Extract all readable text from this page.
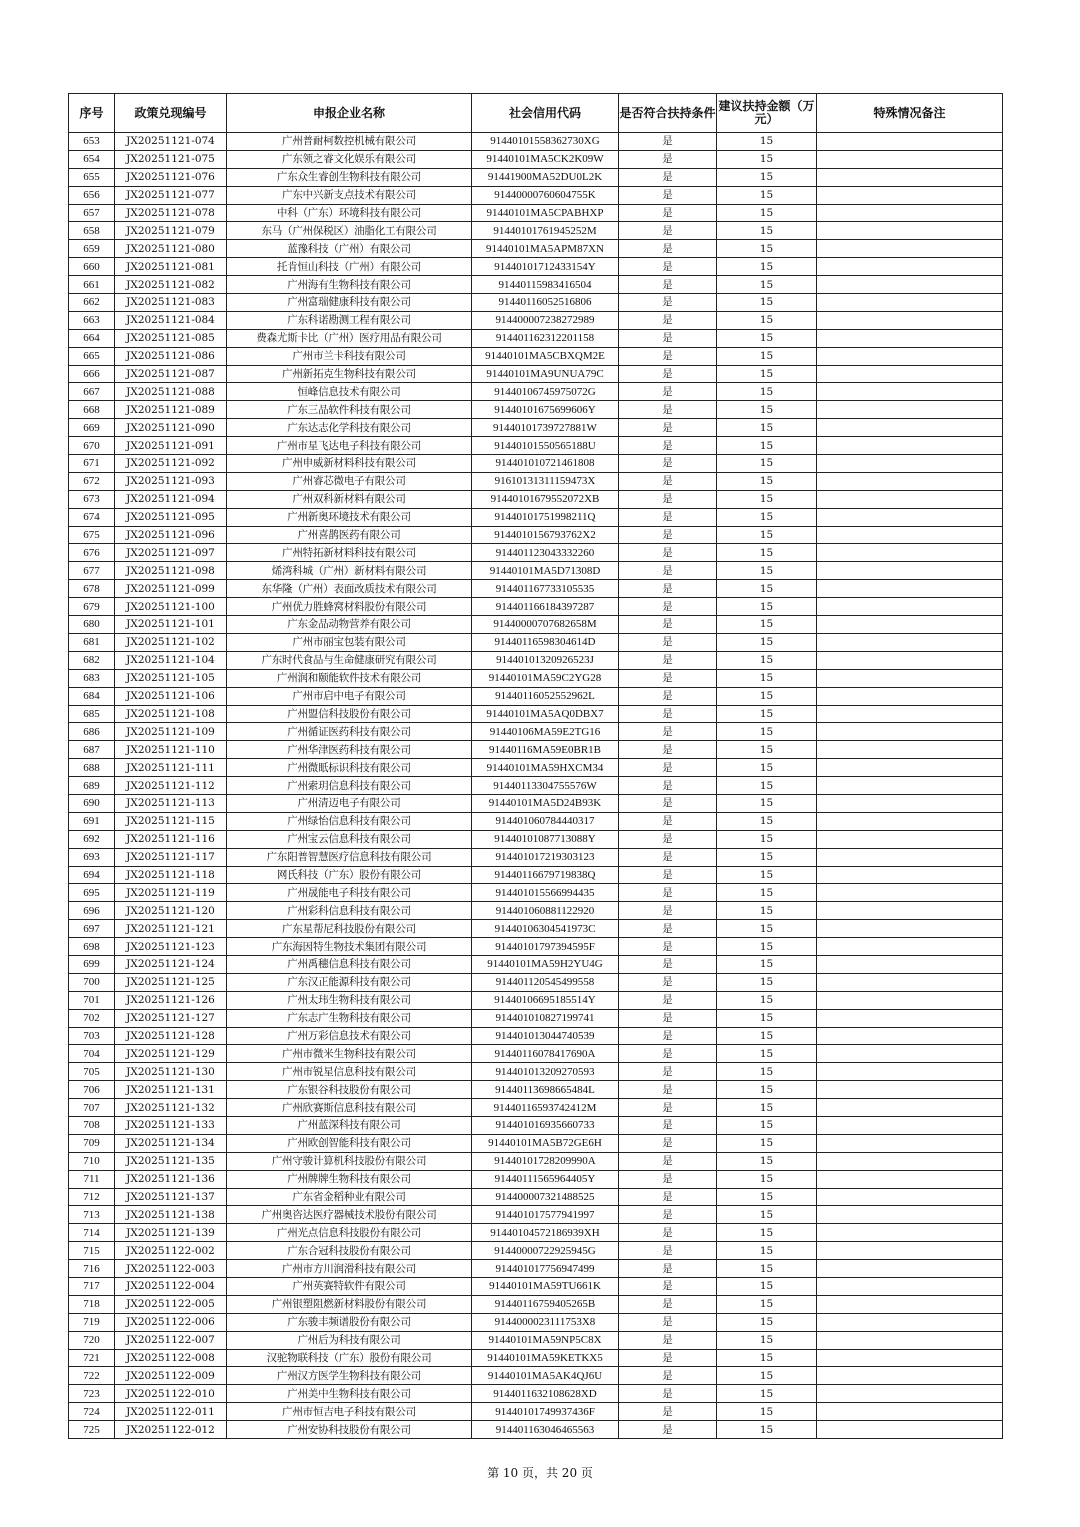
序号	政策兑现编号	申报企业名称	社会信用代码	是否符合扶持条件	建议扶持金额（万元）	特殊情况备注
653	JX20251121-074	广州普耐柯数控机械有限公司	91440101558362730XG	是	15	
654	JX20251121-075	广东领之睿文化娱乐有限公司	91440101MA5CK2K09W	是	15	
655	JX20251121-076	广东众生睿创生物科技有限公司	91441900MA52DU0L2K	是	15	
656	JX20251121-077	广东中兴新支点技术有限公司	91440000760604755K	是	15	
657	JX20251121-078	中科（广东）环境科技有限公司	91440101MA5CPABHXP	是	15	
658	JX20251121-079	东马（广州保税区）油脂化工有限公司	91440101761945252M	是	15	
659	JX20251121-080	蓝豫科技（广州）有限公司	91440101MA5APM87XN	是	15	
660	JX20251121-081	托肯恒山科技（广州）有限公司	91440101712433154Y	是	15	
661	JX20251121-082	广州海有生物科技有限公司	91440115983416504	是	15	
662	JX20251121-083	广州富瑞健康科技有限公司	91440116052516806	是	15	
663	JX20251121-084	广东科诺勘测工程有限公司	91440000723827298​9	是	15	
664	JX20251121-085	费森尤斯卡比（广州）医疗用品有限公司	91440116231220115​8	是	15	
665	JX20251121-086	广州市兰卡科技有限公司	91440101MA5CBXQM2E	是	15	
666	JX20251121-087	广州新拓克生物科技有限公司	91440101MA9UNUA79C	是	15	
667	JX20251121-088	恒峰信息技术有限公司	91440106745975072G	是	15	
668	JX20251121-089	广东三品软件科技有限公司	91440101675699606Y	是	15	
669	JX20251121-090	广东达志化学科技有限公司	91440101739727881W	是	15	
670	JX20251121-091	广州市星飞达电子科技有限公司	91440101550565188U	是	15	
671	JX20251121-092	广州申威新材料科技有限公司	91440101072146180​8	是	15	
672	JX20251121-093	广州睿芯微电子有限公司	91610131311159473X	是	15	
673	JX20251121-094	广州双科新材料有限公司	91440101679552072XB	是	15	
674	JX20251121-095	广州新奥环境技术有限公司	91440101751998211Q	是	15	
675	JX20251121-096	广州喜鹊医药有限公司	91440101567937​62X2	是	15	
676	JX20251121-097	广州特拓新材料科技有限公司	91440112304333226​0	是	15	
677	JX20251121-098	烯湾科城（广州）新材料有限公司	91440101MA5D71308D	是	15	
678	JX20251121-099	东华隆（广州）表面改质技术有限公司	91440116773310553​5	是	15	
679	JX20251121-100	广州优力胜蜂窝材料股份有限公司	91440116618439728​7	是	15	
680	JX20251121-101	广东金品动物营养有限公司	91440000707682658M	是	15	
681	JX20251121-102	广州市丽宝包装有限公司	91440116598304614D	是	15	
682	JX20251121-104	广东时代食品与生命健康研究有限公司	91440101320926523J	是	15	
683	JX20251121-105	广州润和颐能软件技术有限公司	91440101MA59C2YG28	是	15	
684	JX20251121-106	广州市启中电子有限公司	91440116052552962L	是	15	
685	JX20251121-108	广州盟信科技股份有限公司	91440101MA5AQ0DBX7	是	15	
686	JX20251121-109	广州循证医药科技有限公司	91440106MA59E2TG16	是	15	
687	JX20251121-110	广州华津医药科技有限公司	91440116MA59E0BR1B	是	15	
688	JX20251121-111	广州微眂标识科技有限公司	91440101MA59HXCM34	是	15	
689	JX20251121-112	广州索玥信息科技有限公司	91440113304755576W	是	15	
690	JX20251121-113	广州清迈电子有限公司	91440101MA5D24B93K	是	15	
691	JX20251121-115	广州绿怡信息科技有限公司	91440106078444031​7	是	15	
692	JX20251121-116	广州宝云信息科技有限公司	91440101087713088Y	是	15	
693	JX20251121-117	广东阳普智慧医疗信息科技有限公司	91440101721930312​3	是	15	
694	JX20251121-118	网氏科技（广东）股份有限公司	91440116679719838Q	是	15	
695	JX20251121-119	广州晟能电子科技有限公司	91440101556699443​5	是	15	
696	JX20251121-120	广州彩科信息科技有限公司	91440106088112292​0	是	15	
697	JX20251121-121	广东星帮尼科技股份有限公司	91440106304541973C	是	15	
698	JX20251121-123	广东海因特生物技术集团有限公司	91440101797394595F	是	15	
699	JX20251121-124	广州禹穗信息科技有限公司	91440101MA59H2YU4G	是	15	
700	JX20251121-125	广东汉正能源科技有限公司	91440112054549955​8	是	15	
701	JX20251121-126	广州太玮生物科技有限公司	91440106695185514Y	是	15	
702	JX20251121-127	广东志广生物科技有限公司	91440101082719974​1	是	15	
703	JX20251121-128	广州万彩信息技术有限公司	91440101304474053​9	是	15	
704	JX20251121-129	广州市微米生物科技有限公司	91440116078417690A	是	15	
705	JX20251121-130	广州市锐星信息科技有限公司	91440101320927059​3	是	15	
706	JX20251121-131	广东银谷科技股份有限公司	91440113698665484L	是	15	
707	JX20251121-132	广州欣赛斯信息科技有限公司	91440116593742412M	是	15	
708	JX20251121-133	广州蓝深科技有限公司	91440101693566073​3	是	15	
709	JX20251121-134	广州欧创智能科技有限公司	91440101MA5B72GE6H	是	15	
710	JX20251121-135	广州守骏计算机科技股份有限公司	91440101728209990A	是	15	
711	JX20251121-136	广州牌牌生物科技有限公司	91440111565964405Y	是	15	
712	JX20251121-137	广东省金稻种业有限公司	91440000732148852​5	是	15	
713	JX20251121-138	广州奥咨达医疗器械技术股份有限公司	91440101757794199​7	是	15	
714	JX20251121-139	广州光点信息科技股份有限公司	91440104572186939XH	是	15	
715	JX20251122-002	广东合冠科技股份有限公司	91440000722925945G	是	15	
716	JX20251122-003	广州市方川润滑科技有限公司	91440101775694749​9	是	15	
717	JX20251122-004	广州英赛特软件有限公司	91440101MA59TU661K	是	15	
718	JX20251122-005	广州银塑阻燃新材料股份有限公司	91440116759405265B	是	15	
719	JX20251122-006	广东骏丰频谱股份有限公司	91440000231117​53X8	是	15	
720	JX20251122-007	广州后为科技有限公司	91440101MA59NP5C8X	是	15	
721	JX20251122-008	汉驼物联科技（广东）股份有限公司	91440101MA59KETKX5	是	15	
722	JX20251122-009	广州汉方医学生物科技有限公司	91440101MA5AK4QJ6U	是	15	
723	JX20251122-010	广州美中生物科技有限公司	91440116321086​28XD	是	15	
724	JX20251122-011	广州市恒吉电子科技有限公司	91440101749937436F	是	15	
725	JX20251122-012	广州安协科技股份有限公司	91440116304646556​3	是	15	
第 10 页，共 20 页
